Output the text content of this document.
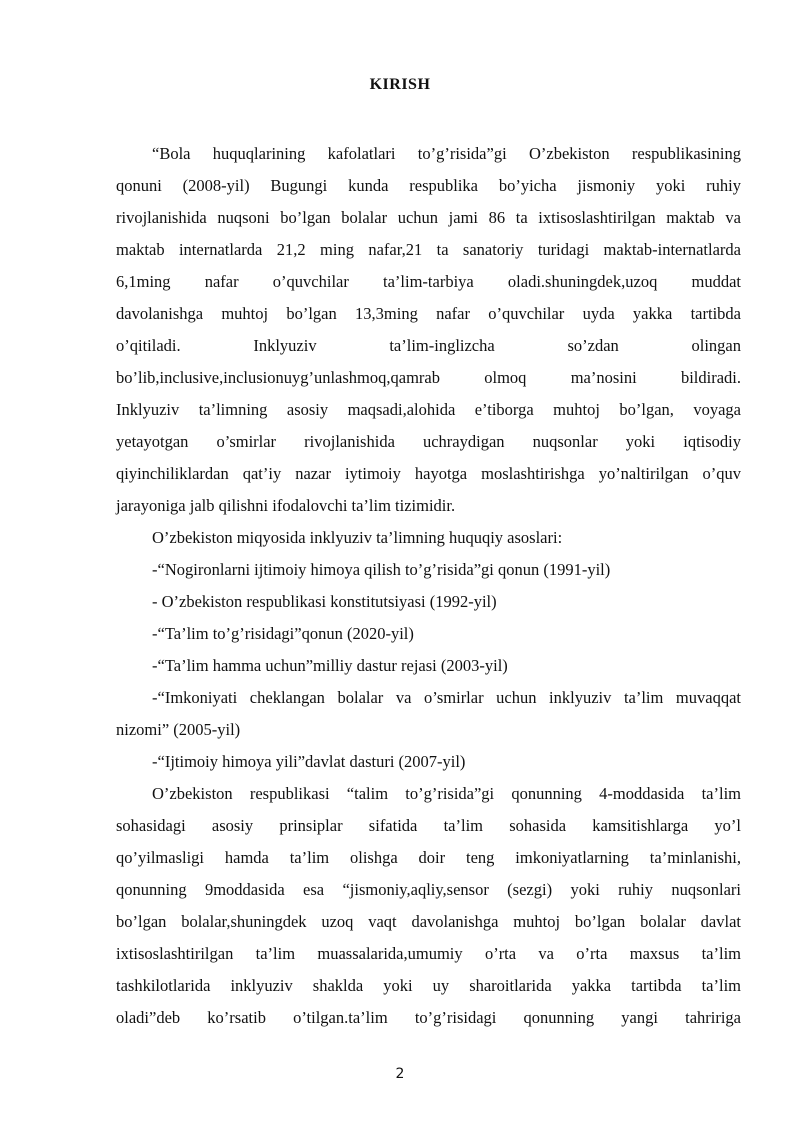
KIRISH

“Bola huquqlarining kafolatlari to’g’risida”gi O’zbekiston respublikasining

qonuni (2008-yil) Bugungi kunda respublika bo’yicha jismoniy yoki ruhiy

rivojlanishida nuqsoni bo’lgan bolalar uchun jami 86 ta ixtisoslashtirilgan maktab va

maktab internatlarda 21,2 ming nafar,21 ta sanatoriy turidagi maktab-internatlarda

6,1ming nafar o’quvchilar ta’lim-tarbiya oladi.shuningdek,uzoq muddat

davolanishga muhtoj bo’lgan 13,3ming nafar o’quvchilar uyda yakka tartibda

o’qitiladi. Inklyuziv ta’lim-inglizcha so’zdan olingan

bo’lib,inclusive,inclusionuyg’unlashmoq,qamrab olmoq ma’nosini bildiradi.

Inklyuziv ta’limning asosiy maqsadi,alohida e’tiborga muhtoj bo’lgan, voyaga

yetayotgan o’smirlar rivojlanishida uchraydigan nuqsonlar yoki iqtisodiy

qiyinchiliklardan qat’iy nazar iytimoiy hayotga moslashtirishga yo’naltirilgan o’quv

jarayoniga jalb qilishni ifodalovchi ta’lim tizimidir.

O’zbekiston miqyosida inklyuziv ta’limning huquqiy asoslari:

-“Nogironlarni ijtimoiy himoya qilish to’g’risida”gi qonun (1991-yil)

- O’zbekiston respublikasi konstitutsiyasi (1992-yil)

-“Ta’lim to’g’risidagi”qonun (2020-yil)

-“Ta’lim hamma uchun”milliy dastur rejasi (2003-yil)

-“Imkoniyati cheklangan bolalar va o’smirlar uchun inklyuziv ta’lim muvaqqat

nizomi” (2005-yil)

-“Ijtimoiy himoya yili”davlat dasturi (2007-yil)

O’zbekiston respublikasi “talim to’g’risida”gi qonunning 4-moddasida ta’lim

sohasidagi asosiy prinsiplar sifatida ta’lim sohasida kamsitishlarga yo’l

qo’yilmasligi hamda ta’lim olishga doir teng imkoniyatlarning ta’minlanishi,

qonunning 9moddasida esa “jismoniy,aqliy,sensor (sezgi) yoki ruhiy nuqsonlari

bo’lgan bolalar,shuningdek uzoq vaqt davolanishga muhtoj bo’lgan bolalar davlat

ixtisoslashtirilgan ta’lim muassalarida,umumiy o’rta va o’rta maxsus ta’lim

tashkilotlarida inklyuziv shaklda yoki uy sharoitlarida yakka tartibda ta’lim

oladi”deb ko’rsatib o’tilgan.ta’lim to’g’risidagi qonunning yangi tahririga

2
